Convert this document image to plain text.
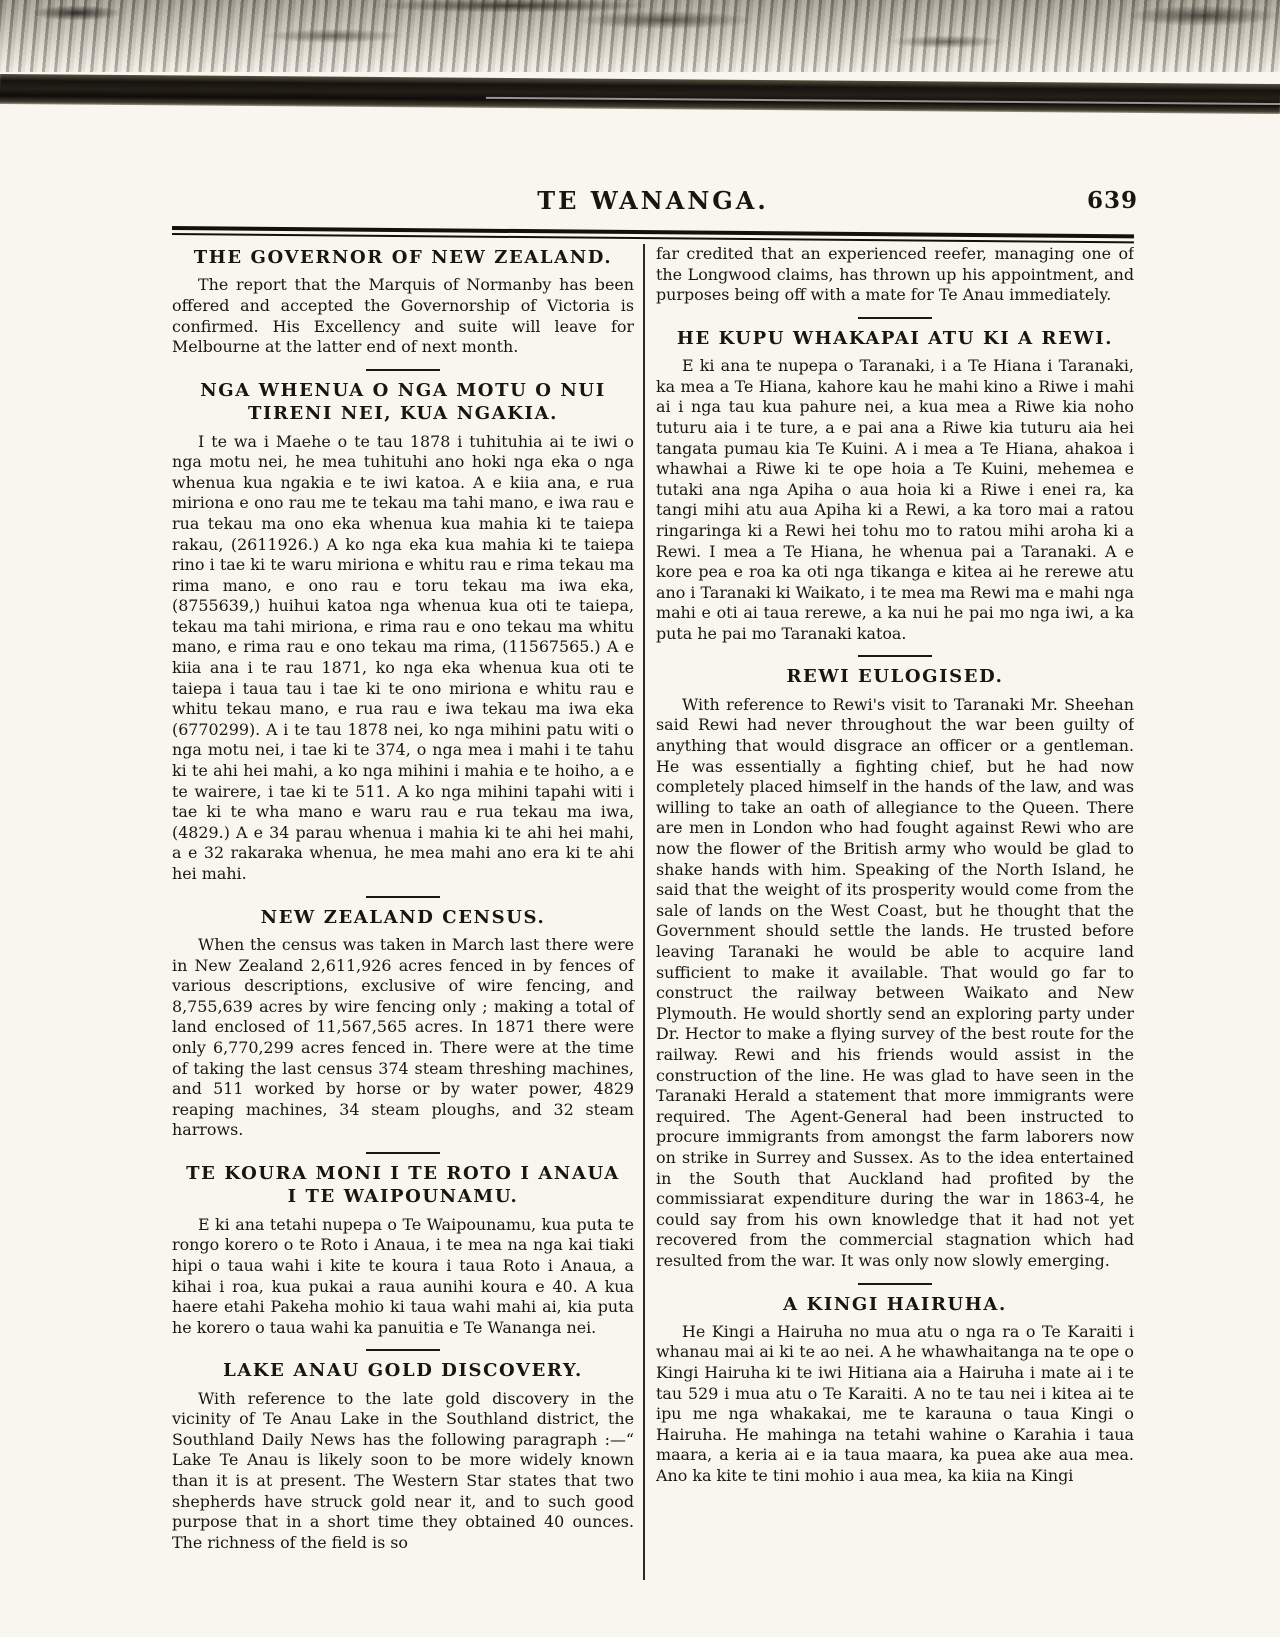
TE WANANGA.	639
THE GOVERNOR OF NEW ZEALAND.

The report that the Marquis of Normanby has been offered and accepted the Governorship of Victoria is confirmed. His Excellency and suite will leave for Melbourne at the latter end of next month.

NGA WHENUA O NGA MOTU O NUI TIRENI NEI, KUA NGAKIA.

I te wa i Maehe o te tau 1878 i tuhituhia ai te iwi o nga motu nei, he mea tuhituhi ano hoki nga eka o nga whenua kua ngakia e te iwi katoa. A e kiia ana, e rua miriona e ono rau me te tekau ma tahi mano, e iwa rau e rua tekau ma ono eka whenua kua mahia ki te taiepa rakau, (2611926.) A ko nga eka kua mahia ki te taiepa rino i tae ki te waru miriona e whitu rau e rima tekau ma rima mano, e ono rau e toru tekau ma iwa eka, (8755639,) huihui katoa nga whenua kua oti te taiepa, tekau ma tahi miriona, e rima rau e ono tekau ma whitu mano, e rima rau e ono tekau ma rima, (11567565.) A e kiia ana i te rau 1871, ko nga eka whenua kua oti te taiepa i taua tau i tae ki te ono miriona e whitu rau e whitu tekau mano, e rua rau e iwa tekau ma iwa eka (6770299). A i te tau 1878 nei, ko nga mihini patu witi o nga motu nei, i tae ki te 374, o nga mea i mahi i te tahu ki te ahi hei mahi, a ko nga mihini i mahia e te hoiho, a e te wairere, i tae ki te 511. A ko nga mihini tapahi witi i tae ki te wha mano e waru rau e rua tekau ma iwa, (4829.) A e 34 parau whenua i mahia ki te ahi hei mahi, a e 32 rakaraka whenua, he mea mahi ano era ki te ahi hei mahi.

NEW ZEALAND CENSUS.

When the census was taken in March last there were in New Zealand 2,611,926 acres fenced in by fences of various descriptions, exclusive of wire fencing, and 8,755,639 acres by wire fencing only ; making a total of land enclosed of 11,567,565 acres. In 1871 there were only 6,770,299 acres fenced in. There were at the time of taking the last census 374 steam threshing machines, and 511 worked by horse or by water power, 4829 reaping machines, 34 steam ploughs, and 32 steam harrows.

TE KOURA MONI I TE ROTO I ANAUA I TE WAIPOUNAMU.

E ki ana tetahi nupepa o Te Waipounamu, kua puta te rongo korero o te Roto i Anaua, i te mea na nga kai tiaki hipi o taua wahi i kite te koura i taua Roto i Anaua, a kihai i roa, kua pukai a raua aunihi koura e 40. A kua haere etahi Pakeha mohio ki taua wahi mahi ai, kia puta he korero o taua wahi ka panuitia e Te Wananga nei.

LAKE ANAU GOLD DISCOVERY.

With reference to the late gold discovery in the vicinity of Te Anau Lake in the Southland district, the Southland Daily News has the following paragraph :—“ Lake Te Anau is likely soon to be more widely known than it is at present. The Western Star states that two shepherds have struck gold near it, and to such good purpose that in a short time they obtained 40 ounces. The richness of the field is so

far credited that an experienced reefer, managing one of the Longwood claims, has thrown up his appointment, and purposes being off with a mate for Te Anau immediately.

HE KUPU WHAKAPAI ATU KI A REWI.

E ki ana te nupepa o Taranaki, i a Te Hiana i Taranaki, ka mea a Te Hiana, kahore kau he mahi kino a Riwe i mahi ai i nga tau kua pahure nei, a kua mea a Riwe kia noho tuturu aia i te ture, a e pai ana a Riwe kia tuturu aia hei tangata pumau kia Te Kuini. A i mea a Te Hiana, ahakoa i whawhai a Riwe ki te ope hoia a Te Kuini, mehemea e tutaki ana nga Apiha o aua hoia ki a Riwe i enei ra, ka tangi mihi atu aua Apiha ki a Rewi, a ka toro mai a ratou ringaringa ki a Rewi hei tohu mo to ratou mihi aroha ki a Rewi. I mea a Te Hiana, he whenua pai a Taranaki. A e kore pea e roa ka oti nga tikanga e kitea ai he rerewe atu ano i Taranaki ki Waikato, i te mea ma Rewi ma e mahi nga mahi e oti ai taua rerewe, a ka nui he pai mo nga iwi, a ka puta he pai mo Taranaki katoa.

REWI EULOGISED.

With reference to Rewi's visit to Taranaki Mr. Sheehan said Rewi had never throughout the war been guilty of anything that would disgrace an officer or a gentleman. He was essentially a fighting chief, but he had now completely placed himself in the hands of the law, and was willing to take an oath of allegiance to the Queen. There are men in London who had fought against Rewi who are now the flower of the British army who would be glad to shake hands with him. Speaking of the North Island, he said that the weight of its prosperity would come from the sale of lands on the West Coast, but he thought that the Government should settle the lands. He trusted before leaving Taranaki he would be able to acquire land sufficient to make it available. That would go far to construct the railway between Waikato and New Plymouth. He would shortly send an exploring party under Dr. Hector to make a flying survey of the best route for the railway. Rewi and his friends would assist in the construction of the line. He was glad to have seen in the Taranaki Herald a statement that more immigrants were required. The Agent-General had been instructed to procure immigrants from amongst the farm laborers now on strike in Surrey and Sussex. As to the idea entertained in the South that Auckland had profited by the commissiarat expenditure during the war in 1863-4, he could say from his own knowledge that it had not yet recovered from the commercial stagnation which had resulted from the war. It was only now slowly emerging.

A KINGI HAIRUHA.

He Kingi a Hairuha no mua atu o nga ra o Te Karaiti i whanau mai ai ki te ao nei. A he whawhaitanga na te ope o Kingi Hairuha ki te iwi Hitiana aia a Hairuha i mate ai i te tau 529 i mua atu o Te Karaiti. A no te tau nei i kitea ai te ipu me nga whakakai, me te karauna o taua Kingi o Hairuha. He mahinga na tetahi wahine o Karahia i taua maara, a keria ai e ia taua maara, ka puea ake aua mea. Ano ka kite te tini mohio i aua mea, ka kiia na Kingi
